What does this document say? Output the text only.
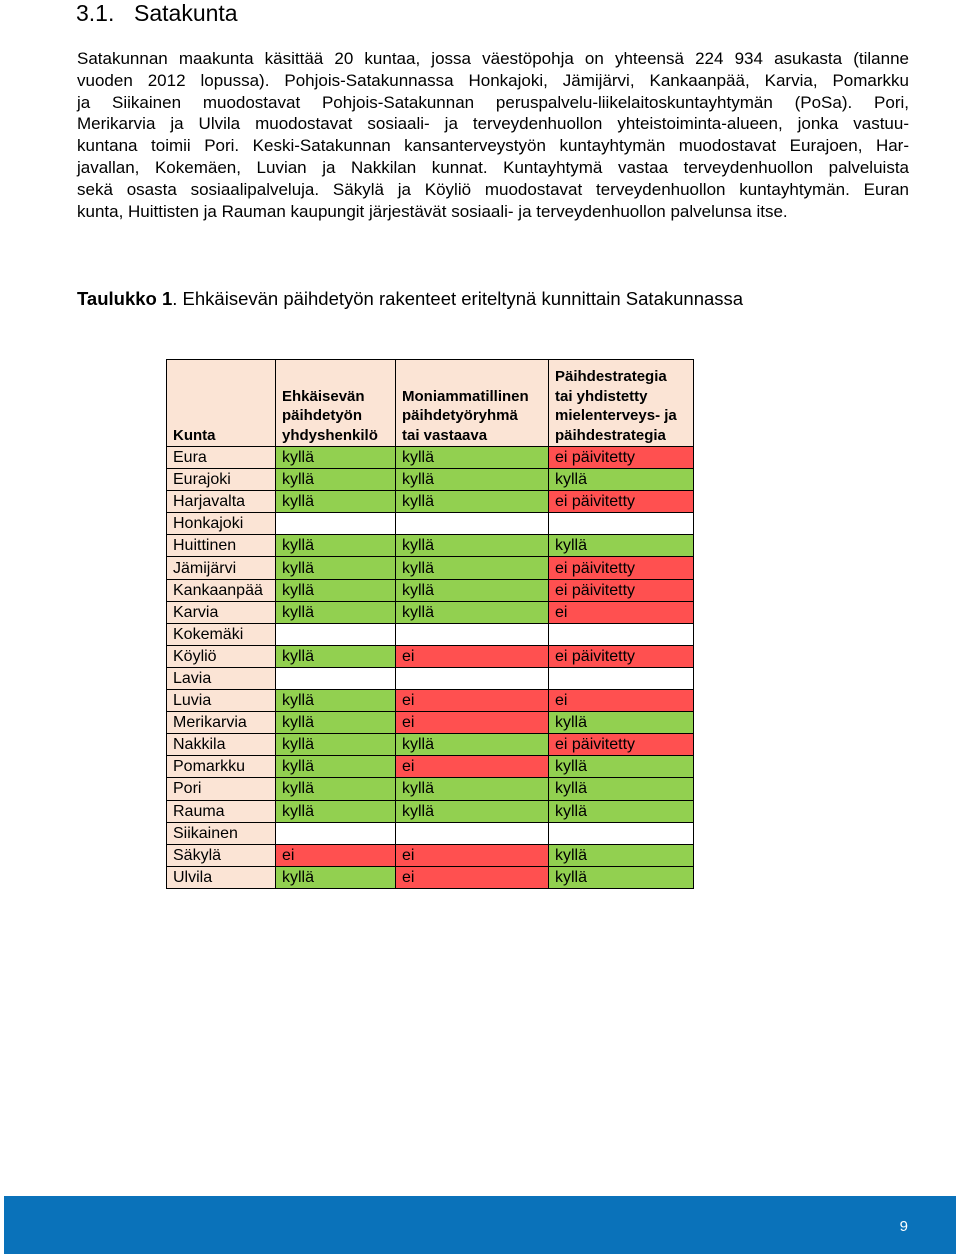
3.1. Satakunta
Satakunnan maakunta käsittää 20 kuntaa, jossa väestöpohja on yhteensä 224 934 asukasta (tilanne
vuoden 2012 lopussa). Pohjois-Satakunnassa Honkajoki, Jämijärvi, Kankaanpää, Karvia, Pomarkku
ja Siikainen muodostavat Pohjois-Satakunnan peruspalvelu-liikelaitoskuntayhtymän (PoSa). Pori,
Merikarvia ja Ulvila muodostavat sosiaali- ja terveydenhuollon yhteistoiminta-alueen, jonka vastuu-
kuntana toimii Pori. Keski-Satakunnan kansanterveystyön kuntayhtymän muodostavat Eurajoen, Har-
javallan, Kokemäen, Luvian ja Nakkilan kunnat. Kuntayhtymä vastaa terveydenhuollon palveluista
sekä osasta sosiaalipalveluja. Säkylä ja Köyliö muodostavat terveydenhuollon kuntayhtymän. Euran
kunta, Huittisten ja Rauman kaupungit järjestävät sosiaali- ja terveydenhuollon palvelunsa itse.

Taulukko 1. Ehkäisevän päihdetyön rakenteet eriteltynä kunnittain Satakunnassa

Kunta	Ehkäisevän
päihdetyön
yhdyshenkilö	Moniammatillinen
päihdetyöryhmä
tai vastaava	Päihdestrategia
tai yhdistetty
mielenterveys- ja
päihdestrategia
Eura	kyllä	kyllä	ei päivitetty
Eurajoki	kyllä	kyllä	kyllä
Harjavalta	kyllä	kyllä	ei päivitetty
Honkajoki			
Huittinen	kyllä	kyllä	kyllä
Jämijärvi	kyllä	kyllä	ei päivitetty
Kankaanpää	kyllä	kyllä	ei päivitetty
Karvia	kyllä	kyllä	ei
Kokemäki			
Köyliö	kyllä	ei	ei päivitetty
Lavia			
Luvia	kyllä	ei	ei
Merikarvia	kyllä	ei	kyllä
Nakkila	kyllä	kyllä	ei päivitetty
Pomarkku	kyllä	ei	kyllä
Pori	kyllä	kyllä	kyllä
Rauma	kyllä	kyllä	kyllä
Siikainen			
Säkylä	ei	ei	kyllä
Ulvila	kyllä	ei	kyllä
9
